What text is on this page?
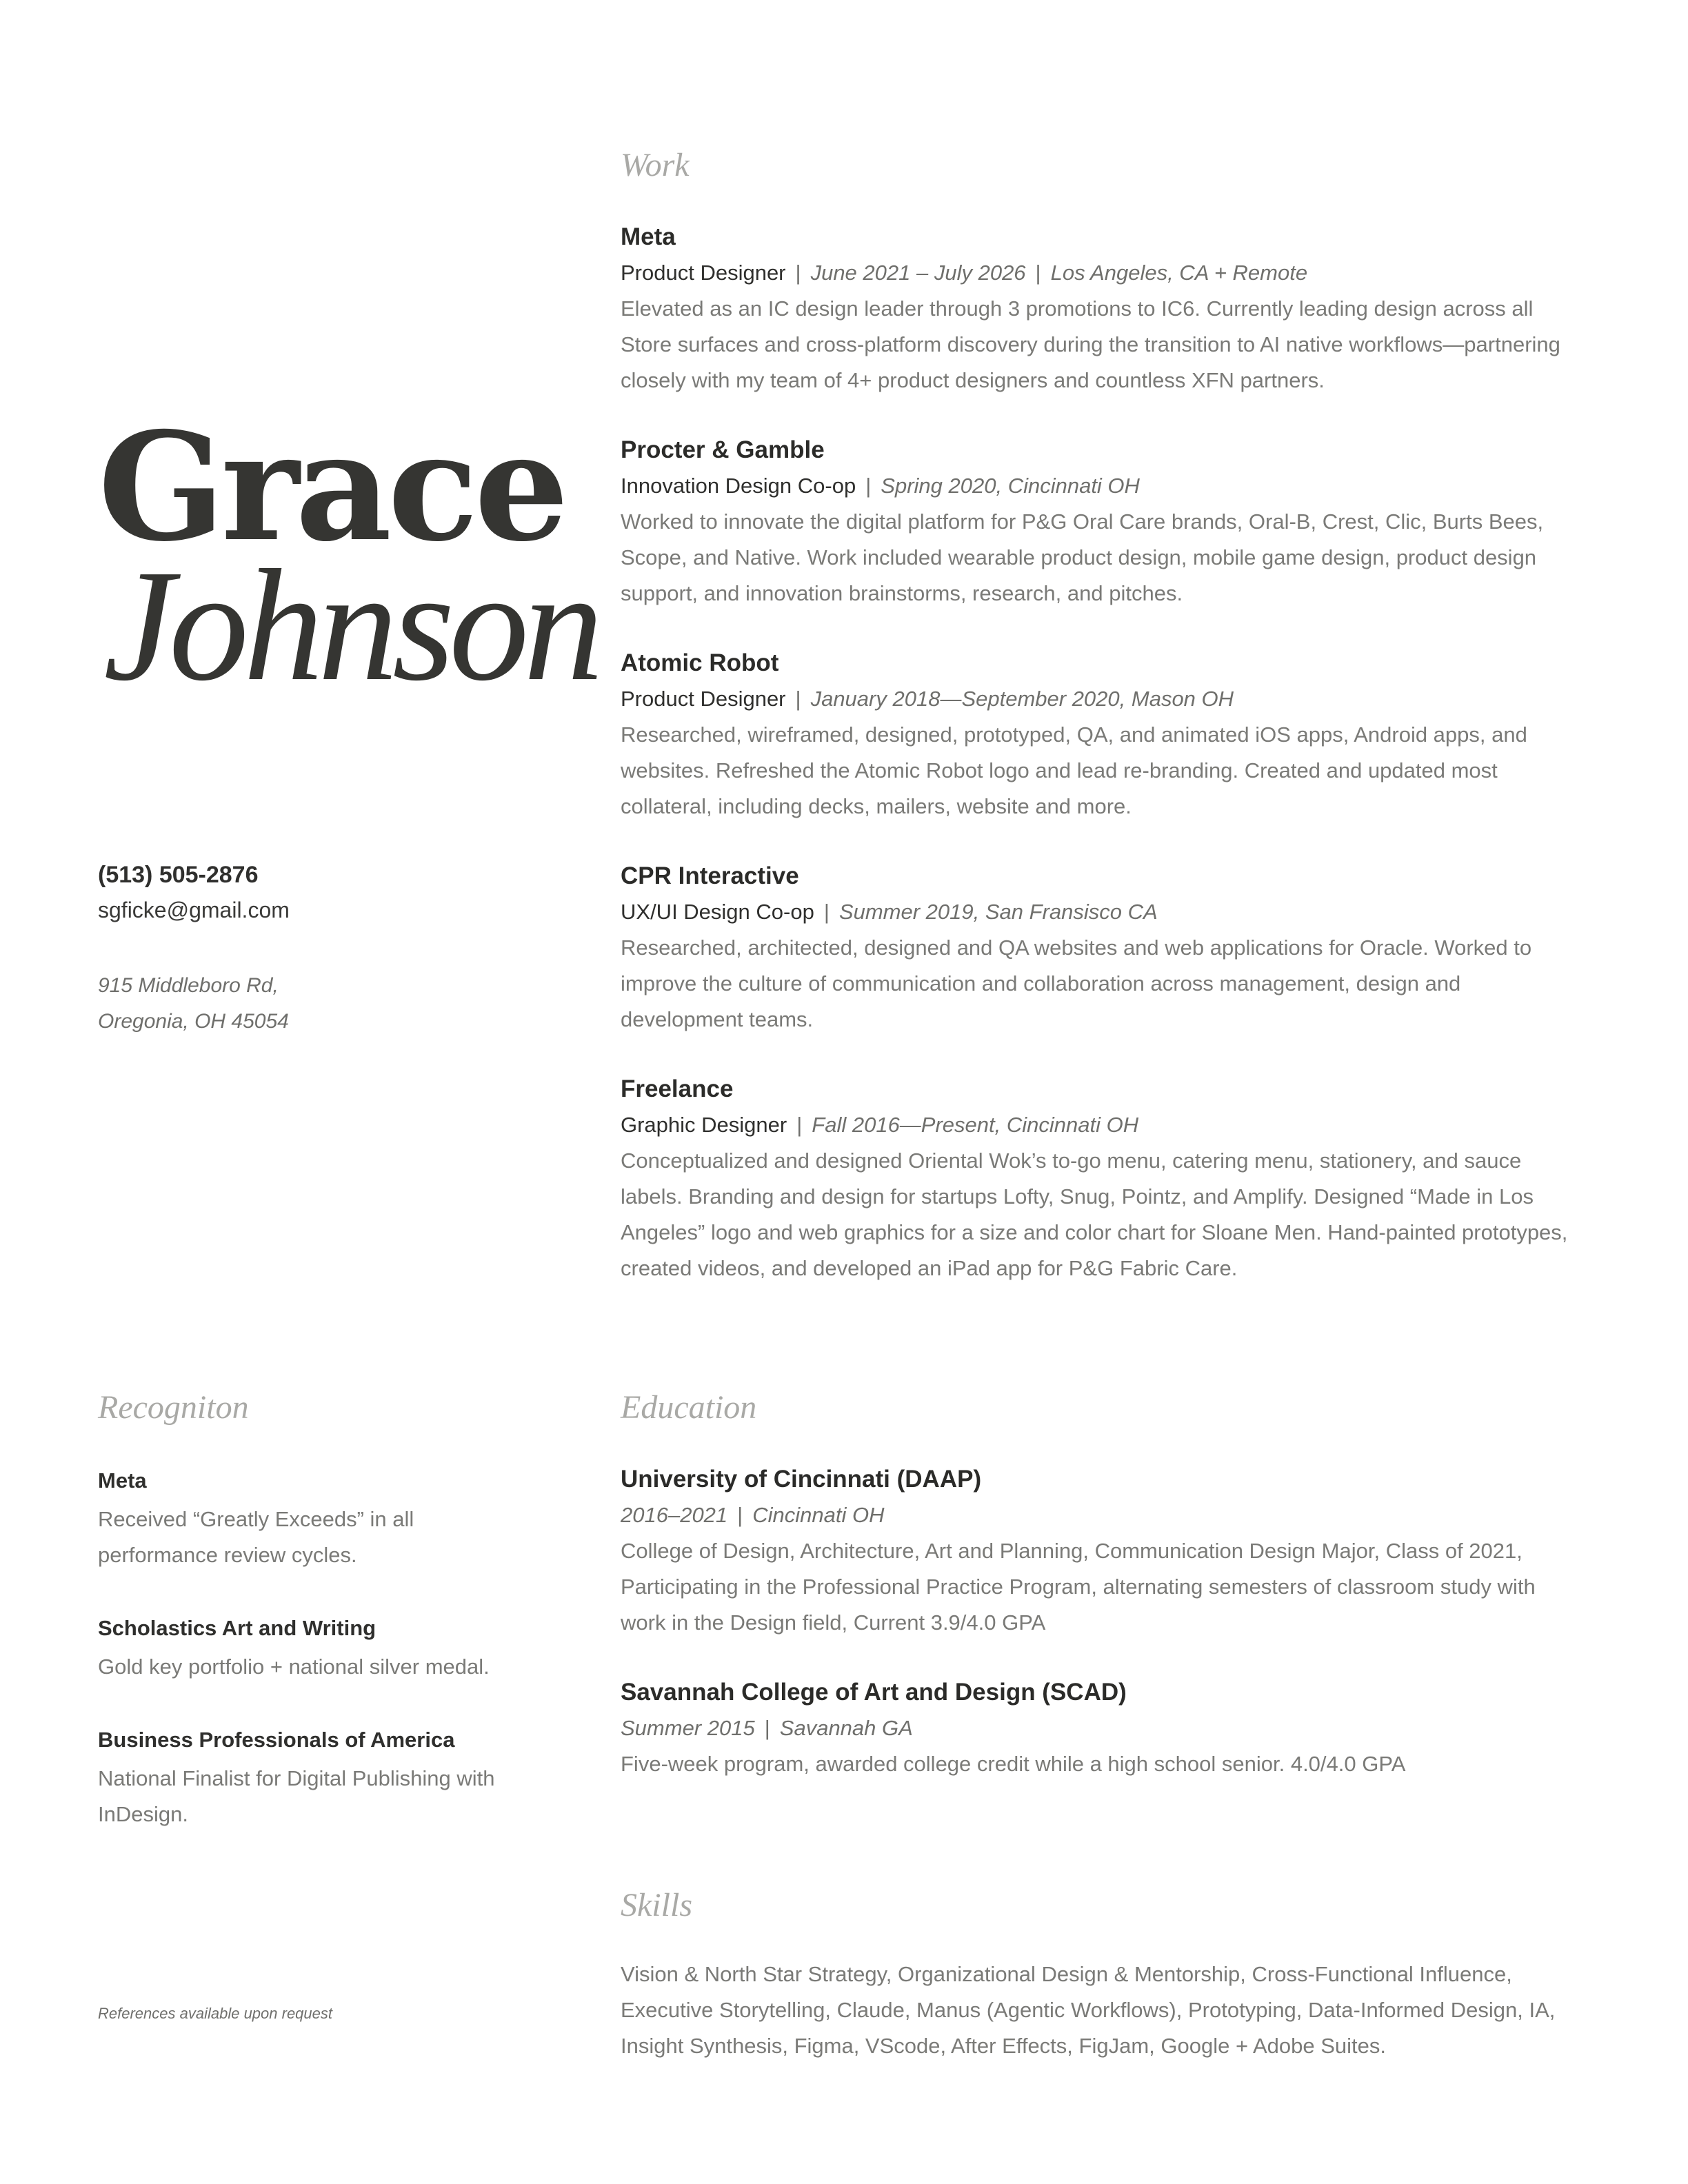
Grace
Johnson
(513) 505-2876
sgficke@gmail.com
915 Middleboro Rd,
Oregonia, OH 45054
Work
Meta
Product Designer | June 2021 – July 2026 | Los Angeles, CA + Remote
Elevated as an IC design leader through 3 promotions to IC6. Currently leading design across all Store surfaces and cross-platform discovery during the transition to AI native workflows—partnering closely with my team of 4+ product designers and countless XFN partners.
Procter & Gamble
Innovation Design Co-op | Spring 2020, Cincinnati OH
Worked to innovate the digital platform for P&G Oral Care brands, Oral-B, Crest, Clic, Burts Bees, Scope, and Native. Work included wearable product design, mobile game design, product design support, and innovation brainstorms, research, and pitches.
Atomic Robot
Product Designer | January 2018—September 2020, Mason OH
Researched, wireframed, designed, prototyped, QA, and animated iOS apps, Android apps, and websites. Refreshed the Atomic Robot logo and lead re-branding. Created and updated most collateral, including decks, mailers, website and more.
CPR Interactive
UX/UI Design Co-op | Summer 2019, San Fransisco CA
Researched, architected, designed and QA websites and web applications for Oracle. Worked to improve the culture of communication and collaboration across management, design and development teams.
Freelance
Graphic Designer | Fall 2016—Present, Cincinnati OH
Conceptualized and designed Oriental Wok’s to-go menu, catering menu, stationery, and sauce labels. Branding and design for startups Lofty, Snug, Pointz, and Amplify. Designed “Made in Los Angeles” logo and web graphics for a size and color chart for Sloane Men. Hand-painted prototypes, created videos, and developed an iPad app for P&G Fabric Care.
Recogniton
Meta
Received “Greatly Exceeds” in all performance review cycles.
Scholastics Art and Writing
Gold key portfolio + national silver medal.
Business Professionals of America
National Finalist for Digital Publishing with InDesign.
Education
University of Cincinnati (DAAP)
2016–2021 | Cincinnati OH
College of Design, Architecture, Art and Planning, Communication Design Major, Class of 2021, Participating in the Professional Practice Program, alternating semesters of classroom study with work in the Design field, Current 3.9/4.0 GPA
Savannah College of Art and Design (SCAD)
Summer 2015 | Savannah GA
Five-week program, awarded college credit while a high school senior. 4.0/4.0 GPA
Skills
Vision & North Star Strategy, Organizational Design & Mentorship, Cross-Functional Influence, Executive Storytelling, Claude, Manus (Agentic Workflows), Prototyping, Data-Informed Design, IA, Insight Synthesis, Figma, VScode, After Effects, FigJam, Google + Adobe Suites.
References available upon request
